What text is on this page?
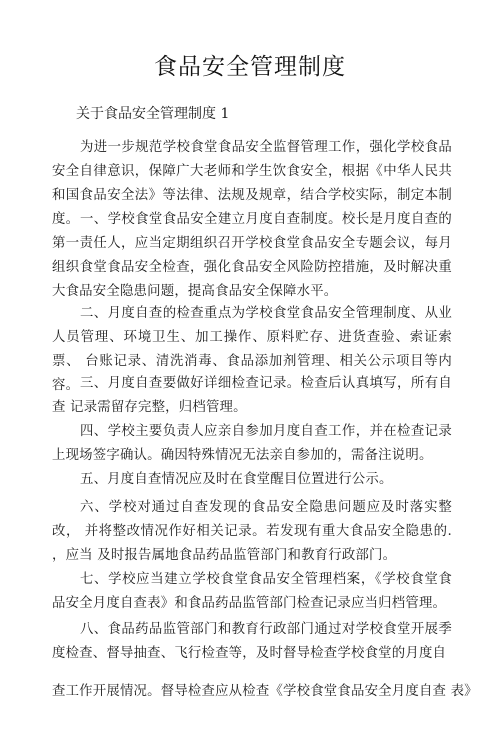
食品安全管理制度

关于食品安全管理制度 1

为进一步规范学校食堂食品安全监督管理工作，强化学校食品 安全自律意识，保障广大老师和学生饮食安全，根据《中华人民共 和国食品安全法》等法律、法规及规章，结合学校实际，制定本制 度。 一、学校食堂食品安全建立月度自查制度。校长是月度自查的 第一责任人，应当定期组织召开学校食堂食品安全专题会议，每月 组织食堂食品安全检查，强化食品安全风险防控措施，及时解决重 大食品安全隐患问题，提高食品安全保障水平。

二、月度自查的检查重点为学校食堂食品安全管理制度、从业 人员管理、环境卫生、加工操作、原料贮存、进货查验、索证索票、 台账记录、清洗消毒、食品添加剂管理、相关公示项目等内容。 三、月度自查要做好详细检查记录。检查后认真填写，所有自查 记录需留存完整，归档管理。

四、学校主要负责人应亲自参加月度自查工作，并在检查记录 上现场签字确认。确因特殊情况无法亲自参加的，需备注说明。

五、月度自查情况应及时在食堂醒目位置进行公示。

六、学校对通过自查发现的食品安全隐患问题应及时落实整改， 并将整改情况作好相关记录。若发现有重大食品安全隐患的. ，应当 及时报告属地食品药品监管部门和教育行政部门。

七、学校应当建立学校食堂食品安全管理档案，《学校食堂食 品安全月度自查表》和食品药品监管部门检查记录应当归档管理。

八、食品药品监管部门和教育行政部门通过对学校食堂开展季 度检查、督导抽查、飞行检查等，及时督导检查学校食堂的月度自

查工作开展情况。督导检查应从检查《学校食堂食品安全月度自查 表》
